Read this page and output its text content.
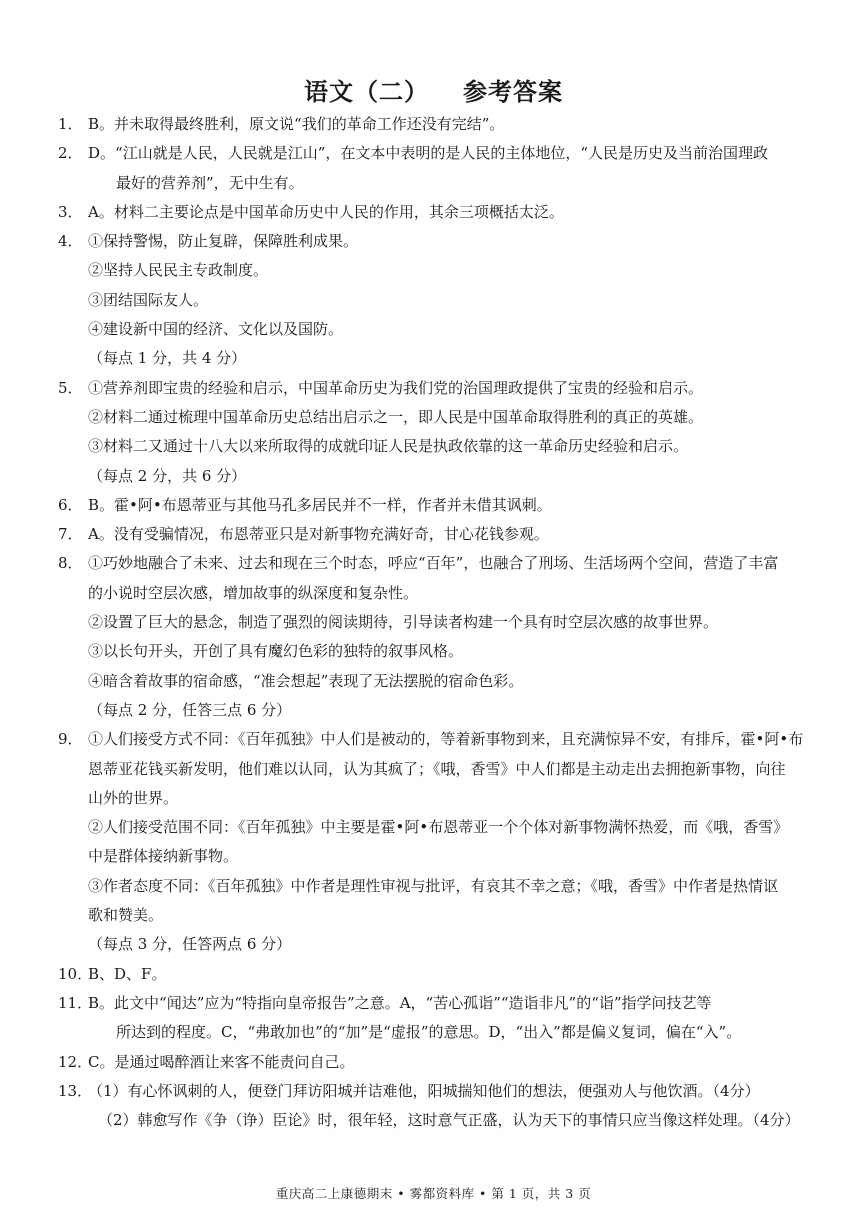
语文（二） 参考答案
1． B。并未取得最终胜利，原文说“我们的革命工作还没有完结”。
2． D。“江山就是人民，人民就是江山”，在文本中表明的是人民的主体地位，“人民是历史及当前治国理政
最好的营养剂”，无中生有。
3． A。材料二主要论点是中国革命历史中人民的作用，其余三项概括太泛。
4． ①保持警惕，防止复辟，保障胜利成果。
②坚持人民民主专政制度。
③团结国际友人。
④建设新中国的经济、文化以及国防。
（每点 1 分，共 4 分）
5． ①营养剂即宝贵的经验和启示，中国革命历史为我们党的治国理政提供了宝贵的经验和启示。
②材料二通过梳理中国革命历史总结出启示之一，即人民是中国革命取得胜利的真正的英雄。
③材料二又通过十八大以来所取得的成就印证人民是执政依靠的这一革命历史经验和启示。
（每点 2 分，共 6 分）
6． B。霍•阿•布恩蒂亚与其他马孔多居民并不一样，作者并未借其讽刺。
7． A。没有受骗情况，布恩蒂亚只是对新事物充满好奇，甘心花钱参观。
8． ①巧妙地融合了未来、过去和现在三个时态，呼应“百年”，也融合了刑场、生活场两个空间，营造了丰富
的小说时空层次感，增加故事的纵深度和复杂性。
②设置了巨大的悬念，制造了强烈的阅读期待，引导读者构建一个具有时空层次感的故事世界。
③以长句开头，开创了具有魔幻色彩的独特的叙事风格。
④暗含着故事的宿命感，“准会想起”表现了无法摆脱的宿命色彩。
（每点 2 分，任答三点 6 分）
9． ①人们接受方式不同：《百年孤独》中人们是被动的，等着新事物到来，且充满惊异不安，有排斥，霍•阿•布
恩蒂亚花钱买新发明，他们难以认同，认为其疯了；《哦，香雪》中人们都是主动走出去拥抱新事物，向往
山外的世界。
②人们接受范围不同：《百年孤独》中主要是霍•阿•布恩蒂亚一个个体对新事物满怀热爱，而《哦，香雪》
中是群体接纳新事物。
③作者态度不同：《百年孤独》中作者是理性审视与批评，有哀其不幸之意；《哦，香雪》中作者是热情讴
歌和赞美。
（每点 3 分，任答两点 6 分）
10．
B、D、F。
11．
B。此文中“闻达”应为“特指向皇帝报告”之意。A，“苦心孤诣”“造诣非凡”的“诣”指学问技艺等
所达到的程度。C，“弗敢加也”的“加”是“虚报”的意思。D，“出入”都是偏义复词，偏在“入”。
12．
C。是通过喝醉酒让来客不能责问自己。
13．
（1）有心怀讽刺的人，便登门拜访阳城并诘难他，阳城揣知他们的想法，便强劝人与他饮酒。（4分）
（2）韩愈写作《争（诤）臣论》时，很年轻，这时意气正盛，认为天下的事情只应当像这样处理。（4分）
重庆高二上康德期末 • 雾都资料库 • 第 1 页，共 3 页
